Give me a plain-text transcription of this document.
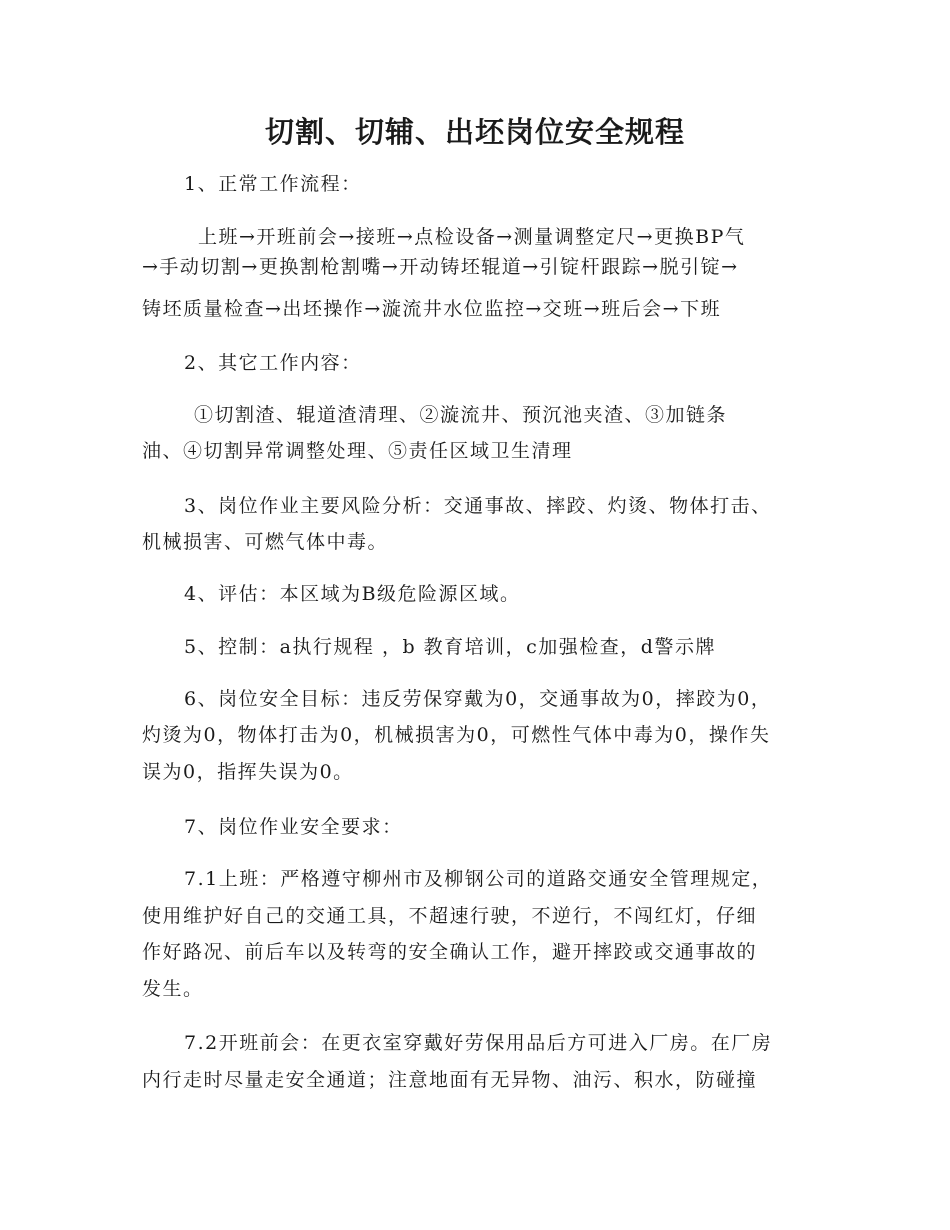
切割、切辅、出坯岗位安全规程

1、正常工作流程：

上班→开班前会→接班→点检设备→测量调整定尺→更换BP气

→手动切割→更换割枪割嘴→开动铸坯辊道→引锭杆跟踪→脱引锭→

铸坯质量检查→出坯操作→漩流井水位监控→交班→班后会→下班

2、其它工作内容：

①切割渣、辊道渣清理、②漩流井、预沉池夹渣、③加链条

油、④切割异常调整处理、⑤责任区域卫生清理

3、岗位作业主要风险分析：交通事故、摔跤、灼烫、物体打击、

机械损害、可燃气体中毒。

4、评估：本区域为B级危险源区域。

5、控制：a执行规程 ，b 教育培训，c加强检查，d警示牌

6、岗位安全目标：违反劳保穿戴为0，交通事故为0，摔跤为0，

灼烫为0，物体打击为0，机械损害为0，可燃性气体中毒为0，操作失

误为0，指挥失误为0。

7、岗位作业安全要求：

7.1上班：严格遵守柳州市及柳钢公司的道路交通安全管理规定，

使用维护好自己的交通工具，不超速行驶，不逆行，不闯红灯，仔细

作好路况、前后车以及转弯的安全确认工作，避开摔跤或交通事故的

发生。

7.2开班前会：在更衣室穿戴好劳保用品后方可进入厂房。在厂房

内行走时尽量走安全通道；注意地面有无异物、油污、积水，防碰撞
